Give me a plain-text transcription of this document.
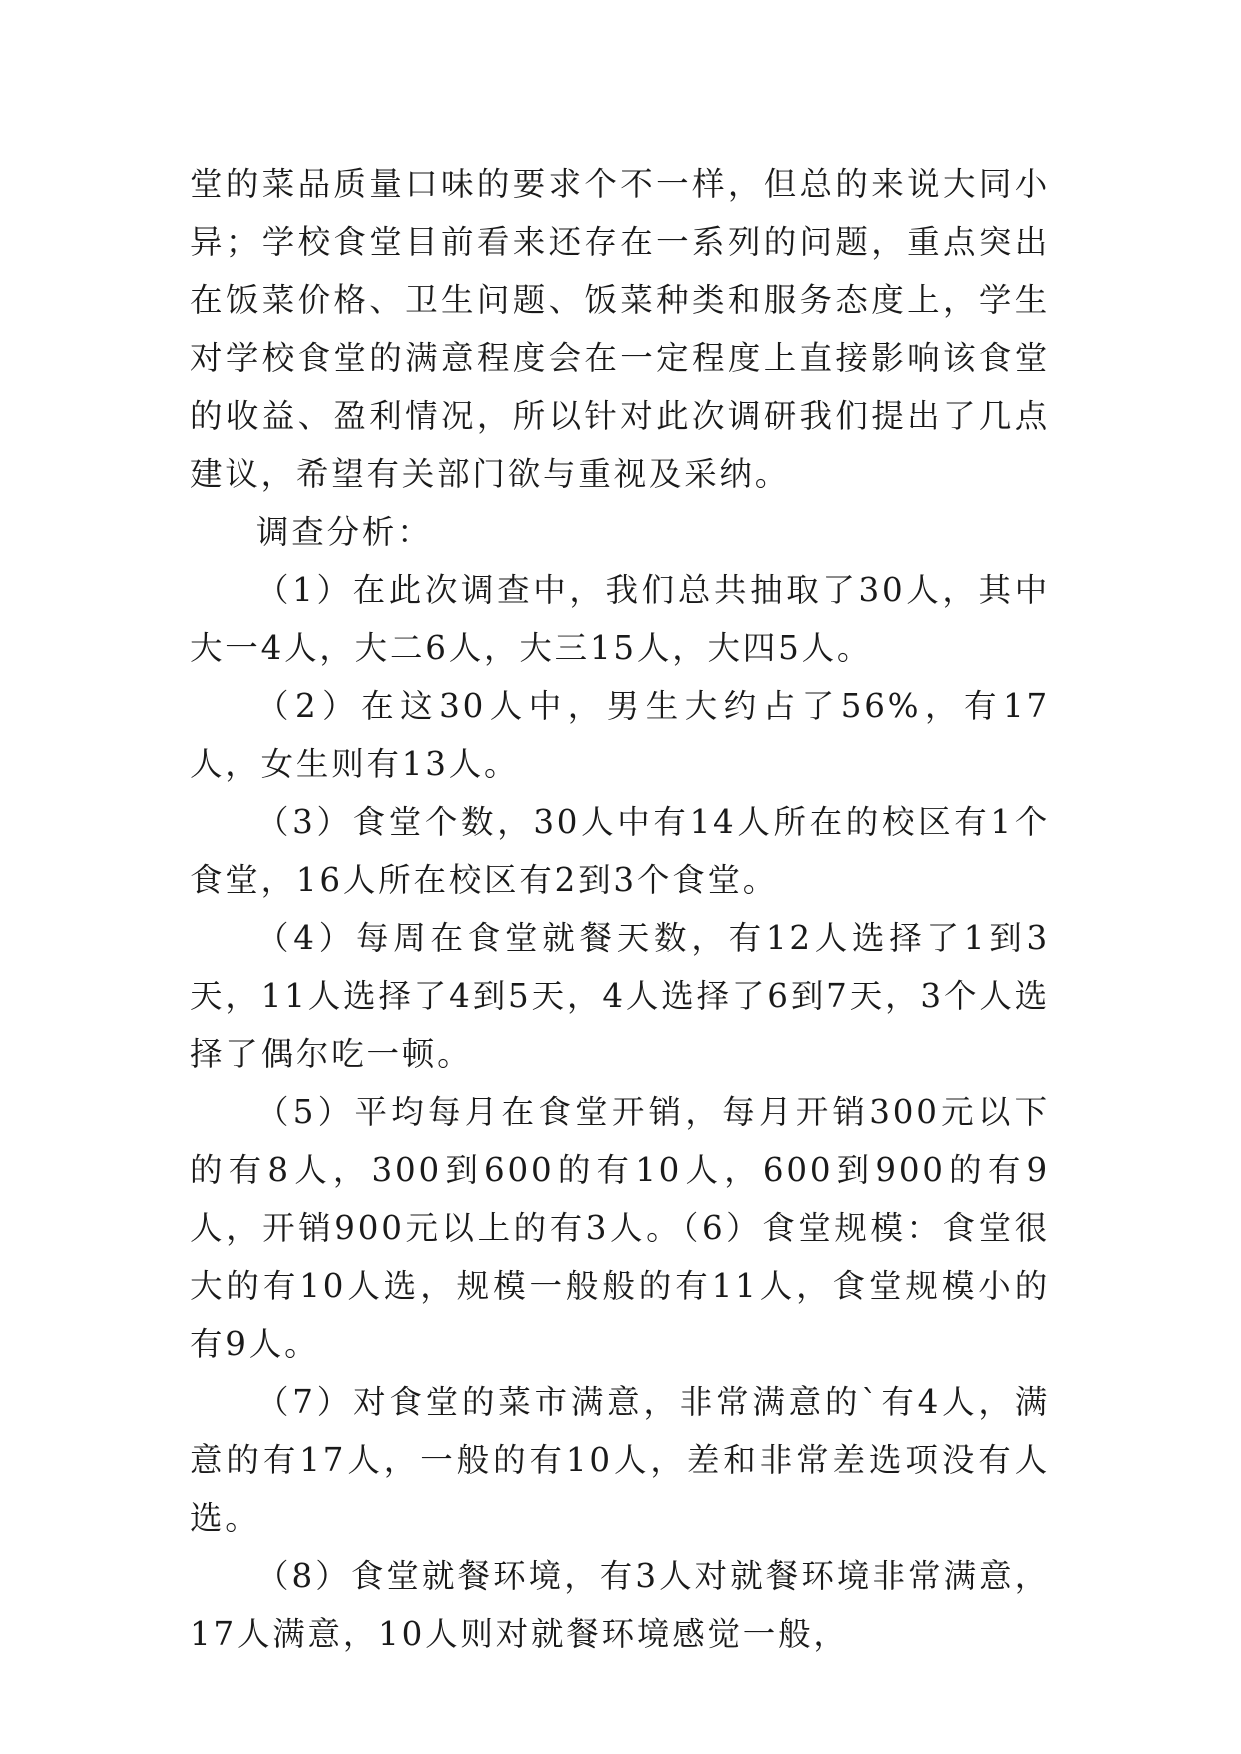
堂的菜品质量口味的要求个不一样，但总的来说大同小异；学校食堂目前看来还存在一系列的问题，重点突出在饭菜价格、卫生问题、饭菜种类和服务态度上，学生对学校食堂的满意程度会在一定程度上直接影响该食堂的收益、盈利情况，所以针对此次调研我们提出了几点建议，希望有关部门欲与重视及采纳。

调查分析：

（1）在此次调查中，我们总共抽取了30人，其中大一4人，大二6人，大三15人，大四5人。

（2）在这30人中，男生大约占了56%，有17人，女生则有13人。

（3）食堂个数，30人中有14人所在的校区有1个食堂，16人所在校区有2到3个食堂。

（4）每周在食堂就餐天数，有12人选择了1到3天，11人选择了4到5天，4人选择了6到7天，3个人选择了偶尔吃一顿。

（5）平均每月在食堂开销，每月开销300元以下的有8人，300到600的有10人，600到900的有9人，开销900元以上的有3人。（6）食堂规模：食堂很大的有10人选，规模一般般的有11人，食堂规模小的有9人。

（7）对食堂的菜市满意，非常满意的`有4人，满意的有17人，一般的有10人，差和非常差选项没有人选。

（8）食堂就餐环境，有3人对就餐环境非常满意，17人满意，10人则对就餐环境感觉一般，
